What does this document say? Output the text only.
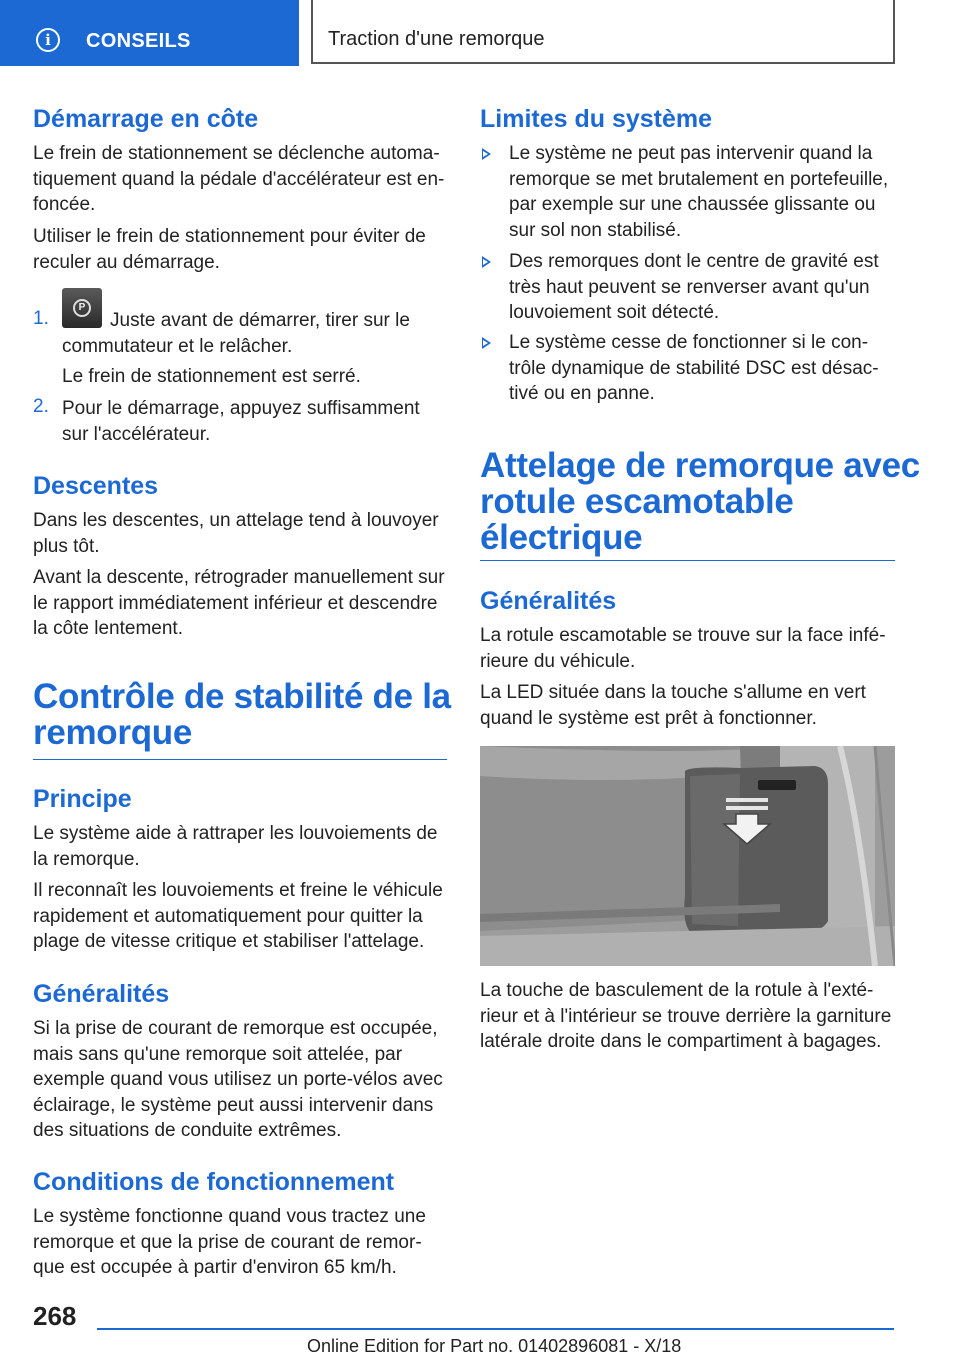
i	CONSEILS	Traction d'une remorque
Démarrage en côte
Le frein de stationnement se déclenche automa‐
tiquement quand la pédale d'accélérateur est en‐
foncée.
Utiliser le frein de stationnement pour éviter de
reculer au démarrage.
1.
P
Juste avant de démarrer, tirer sur le
commutateur et le relâcher.
Le frein de stationnement est serré.
2. Pour le démarrage, appuyez suffisamment
sur l'accélérateur.
Descentes
Dans les descentes, un attelage tend à louvoyer
plus tôt.
Avant la descente, rétrograder manuellement sur
le rapport immédiatement inférieur et descendre
la côte lentement.
Contrôle de stabilité de la
remorque
Principe
Le système aide à rattraper les louvoiements de
la remorque.
Il reconnaît les louvoiements et freine le véhicule
rapidement et automatiquement pour quitter la
plage de vitesse critique et stabiliser l'attelage.
Généralités
Si la prise de courant de remorque est occupée,
mais sans qu'une remorque soit attelée, par
exemple quand vous utilisez un porte-vélos avec
éclairage, le système peut aussi intervenir dans
des situations de conduite extrêmes.
Conditions de fonctionnement
Le système fonctionne quand vous tractez une
remorque et que la prise de courant de remor‐
que est occupée à partir d'environ 65 km/h.
Limites du système
Le système ne peut pas intervenir quand la
remorque se met brutalement en portefeuille,
par exemple sur une chaussée glissante ou
sur sol non stabilisé.
Des remorques dont le centre de gravité est
très haut peuvent se renverser avant qu'un
louvoiement soit détecté.
Le système cesse de fonctionner si le con‐
trôle dynamique de stabilité DSC est désac‐
tivé ou en panne.
Attelage de remorque avec
rotule escamotable
électrique
Généralités
La rotule escamotable se trouve sur la face infé‐
rieure du véhicule.
La LED située dans la touche s'allume en vert
quand le système est prêt à fonctionner.
La touche de basculement de la rotule à l'exté‐
rieur et à l'intérieur se trouve derrière la garniture
latérale droite dans le compartiment à bagages.
268
Online Edition for Part no. 01402896081 - X/18
